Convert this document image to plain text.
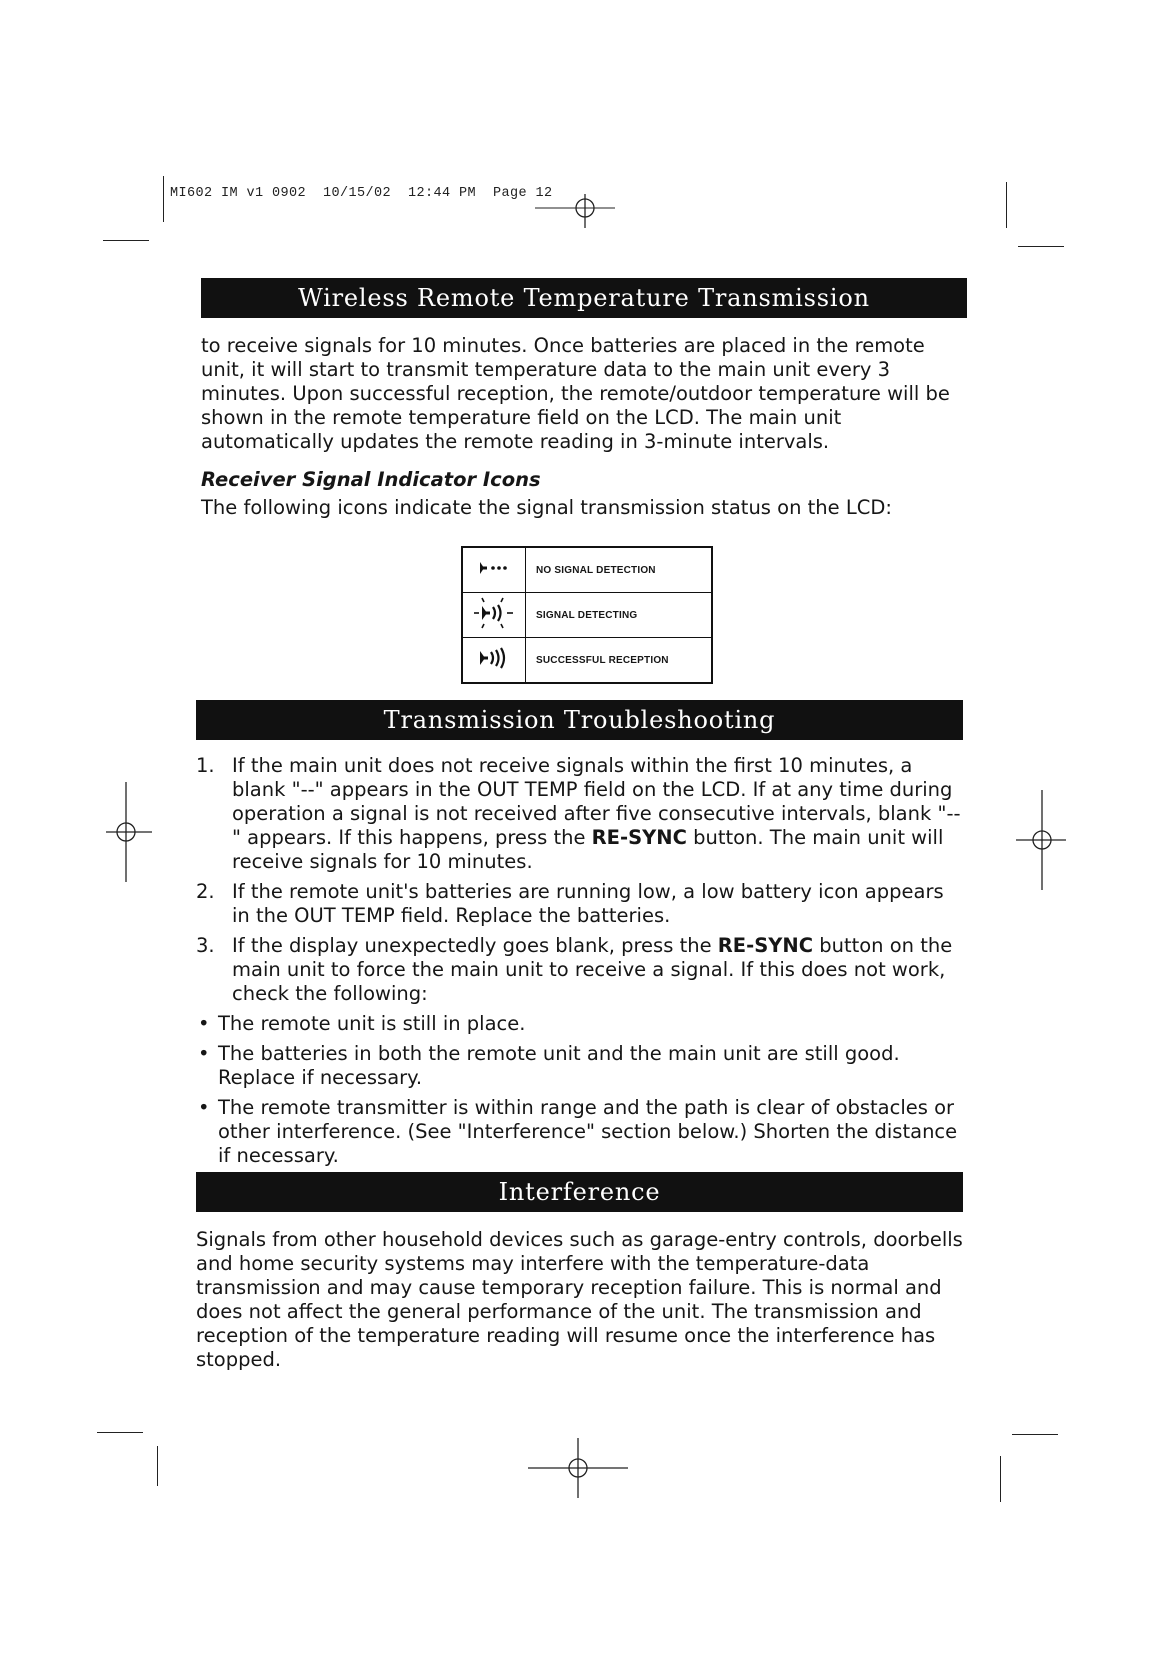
MI602 IM v1 0902  10/15/02  12:44 PM  Page 12
Wireless Remote Temperature Transmission
to receive signals for 10 minutes. Once batteries are placed in the remote unit, it will start to transmit temperature data to the main unit every 3 minutes. Upon successful reception, the remote/outdoor temperature will be shown in the remote temperature field on the LCD. The main unit automatically updates the remote reading in 3-minute intervals.
Receiver Signal Indicator Icons
The following icons indicate the signal transmission status on the LCD:
	NO SIGNAL DETECTION
	SIGNAL DETECTING
	SUCCESSFUL RECEPTION
Transmission Troubleshooting
1. If the main unit does not receive signals within the first 10 minutes, a blank "--" appears in the OUT TEMP field on the LCD. If at any time during operation a signal is not received after five consecutive intervals, blank "--" appears. If this happens, press the RE-SYNC button. The main unit will receive signals for 10 minutes.
2. If the remote unit's batteries are running low, a low battery icon appears in the OUT TEMP field. Replace the batteries.
3. If the display unexpectedly goes blank, press the RE-SYNC button on the main unit to force the main unit to receive a signal. If this does not work, check the following:
• The remote unit is still in place.
• The batteries in both the remote unit and the main unit are still good. Replace if necessary.
• The remote transmitter is within range and the path is clear of obstacles or other interference. (See "Interference" section below.) Shorten the distance if necessary.
Interference
Signals from other household devices such as garage-entry controls, doorbells and home security systems may interfere with the temperature-data transmission and may cause temporary reception failure. This is normal and does not affect the general performance of the unit. The transmission and reception of the temperature reading will resume once the interference has stopped.
